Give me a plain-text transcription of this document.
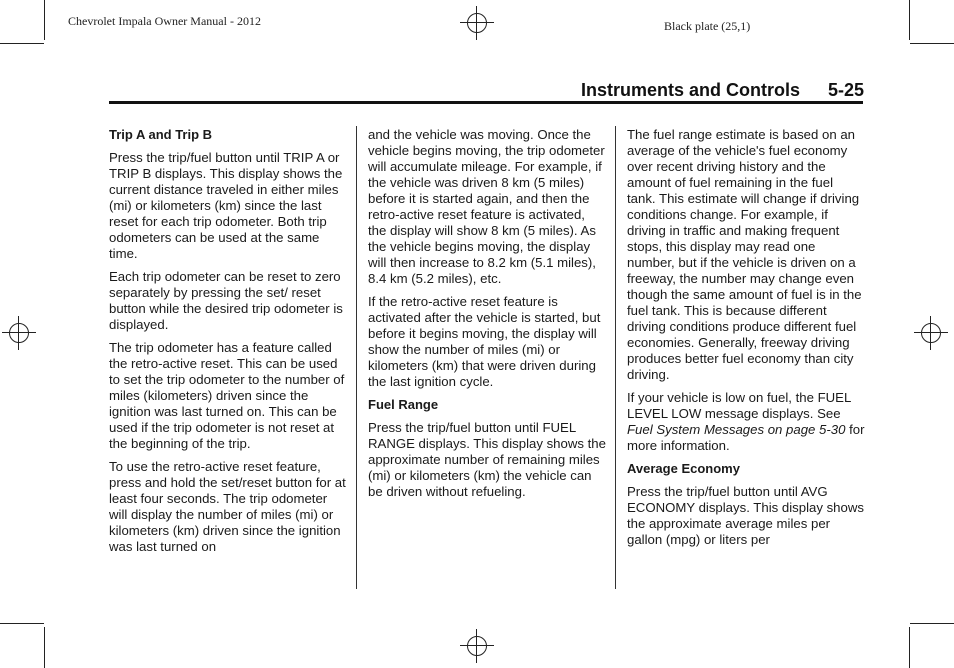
Chevrolet Impala Owner Manual - 2012	Black plate (25,1)
Instruments and Controls 5-25

Trip A and Trip B

Press the trip/fuel button until TRIP A or TRIP B displays. This display shows the current distance traveled in either miles (mi) or kilometers (km) since the last reset for each trip odometer. Both trip odometers can be used at the same time.

Each trip odometer can be reset to zero separately by pressing the set/ reset button while the desired trip odometer is displayed.

The trip odometer has a feature called the retro-active reset. This can be used to set the trip odometer to the number of miles (kilometers) driven since the ignition was last turned on. This can be used if the trip odometer is not reset at the beginning of the trip.

To use the retro-active reset feature, press and hold the set/reset button for at least four seconds. The trip odometer will display the number of miles (mi) or kilometers (km) driven since the ignition was last turned on

and the vehicle was moving. Once the vehicle begins moving, the trip odometer will accumulate mileage. For example, if the vehicle was driven 8 km (5 miles) before it is started again, and then the retro-active reset feature is activated, the display will show 8 km (5 miles). As the vehicle begins moving, the display will then increase to 8.2 km (5.1 miles), 8.4 km (5.2 miles), etc.

If the retro-active reset feature is activated after the vehicle is started, but before it begins moving, the display will show the number of miles (mi) or kilometers (km) that were driven during the last ignition cycle.

Fuel Range

Press the trip/fuel button until FUEL RANGE displays. This display shows the approximate number of remaining miles (mi) or kilometers (km) the vehicle can be driven without refueling.

The fuel range estimate is based on an average of the vehicle's fuel economy over recent driving history and the amount of fuel remaining in the fuel tank. This estimate will change if driving conditions change. For example, if driving in traffic and making frequent stops, this display may read one number, but if the vehicle is driven on a freeway, the number may change even though the same amount of fuel is in the fuel tank. This is because different driving conditions produce different fuel economies. Generally, freeway driving produces better fuel economy than city driving.

If your vehicle is low on fuel, the FUEL LEVEL LOW message displays. See Fuel System Messages on page 5-30 for more information.

Average Economy

Press the trip/fuel button until AVG ECONOMY displays. This display shows the approximate average miles per gallon (mpg) or liters per
